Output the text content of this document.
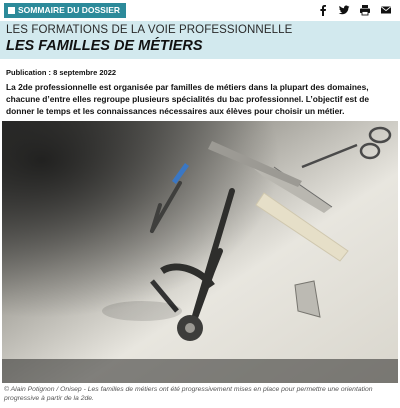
SOMMAIRE DU DOSSIER
LES FORMATIONS DE LA VOIE PROFESSIONNELLE
LES FAMILLES DE MÉTIERS
Publication : 8 septembre 2022
La 2de professionnelle est organisée par familles de métiers dans la plupart des domaines, chacune d’entre elles regroupe plusieurs spécialités du bac professionnel. L’objectif est de donner le temps et les connaissances nécessaires aux élèves pour choisir un métier.
© Alain Potignon / Onisep - Les familles de métiers ont été progressivement mises en place pour permettre une orientation progressive à partir de la 2de.
